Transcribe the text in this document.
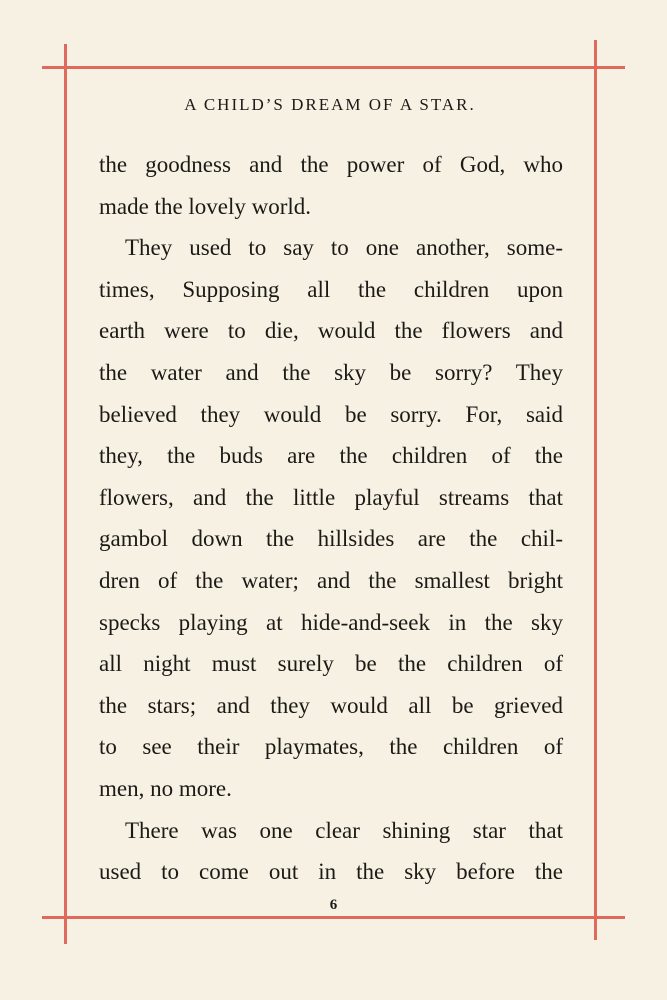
A CHILD’S DREAM OF A STAR.
the goodness and the power of God, who
made the lovely world.
They used to say to one another, some-
times, Supposing all the children upon
earth were to die, would the flowers and
the water and the sky be sorry? They
believed they would be sorry. For, said
they, the buds are the children of the
flowers, and the little playful streams that
gambol down the hillsides are the chil-
dren of the water; and the smallest bright
specks playing at hide-and-seek in the sky
all night must surely be the children of
the stars; and they would all be grieved
to see their playmates, the children of
men, no more.
There was one clear shining star that
used to come out in the sky before the
6
